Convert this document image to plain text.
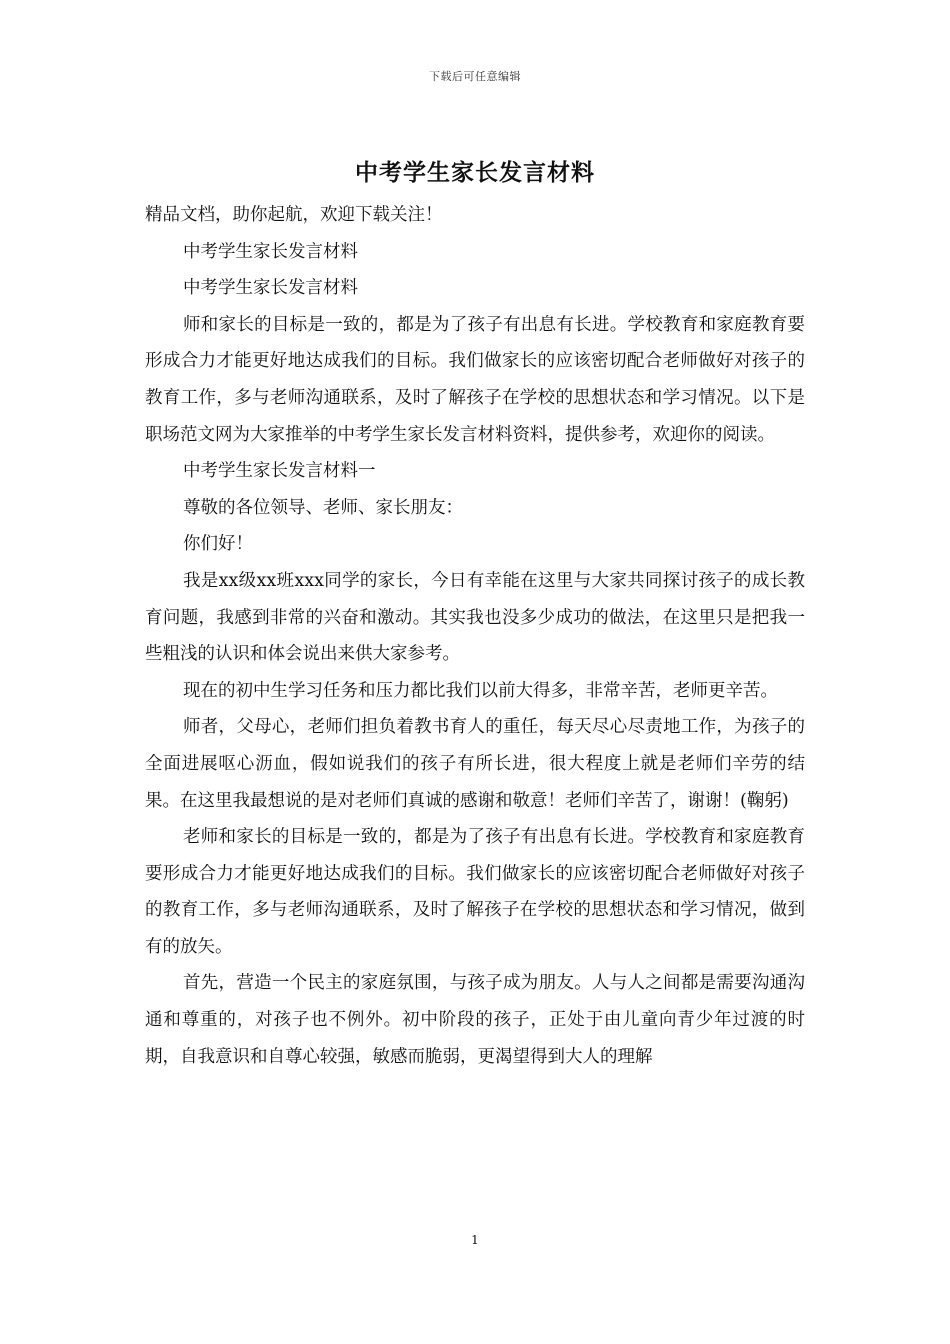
下载后可任意编辑
中考学生家长发言材料

精品文档，助你起航，欢迎下载关注！

中考学生家长发言材料

中考学生家长发言材料

师和家长的目标是一致的，都是为了孩子有出息有长进。学校教育和家庭教育要形成合力才能更好地达成我们的目标。我们做家长的应该密切配合老师做好对孩子的教育工作，多与老师沟通联系，及时了解孩子在学校的思想状态和学习情况。以下是职场范文网为大家推举的中考学生家长发言材料资料，提供参考，欢迎你的阅读。

中考学生家长发言材料一

尊敬的各位领导、老师、家长朋友：

你们好！

我是xx级xx班xxx同学的家长，今日有幸能在这里与大家共同探讨孩子的成长教育问题，我感到非常的兴奋和激动。其实我也没多少成功的做法，在这里只是把我一些粗浅的认识和体会说出来供大家参考。

现在的初中生学习任务和压力都比我们以前大得多，非常辛苦，老师更辛苦。

师者，父母心，老师们担负着教书育人的重任，每天尽心尽责地工作，为孩子的全面进展呕心沥血，假如说我们的孩子有所长进，很大程度上就是老师们辛劳的结果。在这里我最想说的是对老师们真诚的感谢和敬意！老师们辛苦了，谢谢！(鞠躬)

老师和家长的目标是一致的，都是为了孩子有出息有长进。学校教育和家庭教育要形成合力才能更好地达成我们的目标。我们做家长的应该密切配合老师做好对孩子的教育工作，多与老师沟通联系，及时了解孩子在学校的思想状态和学习情况，做到有的放矢。

首先，营造一个民主的家庭氛围，与孩子成为朋友。人与人之间都是需要沟通沟通和尊重的，对孩子也不例外。初中阶段的孩子，正处于由儿童向青少年过渡的时期，自我意识和自尊心较强，敏感而脆弱，更渴望得到大人的理解

1
